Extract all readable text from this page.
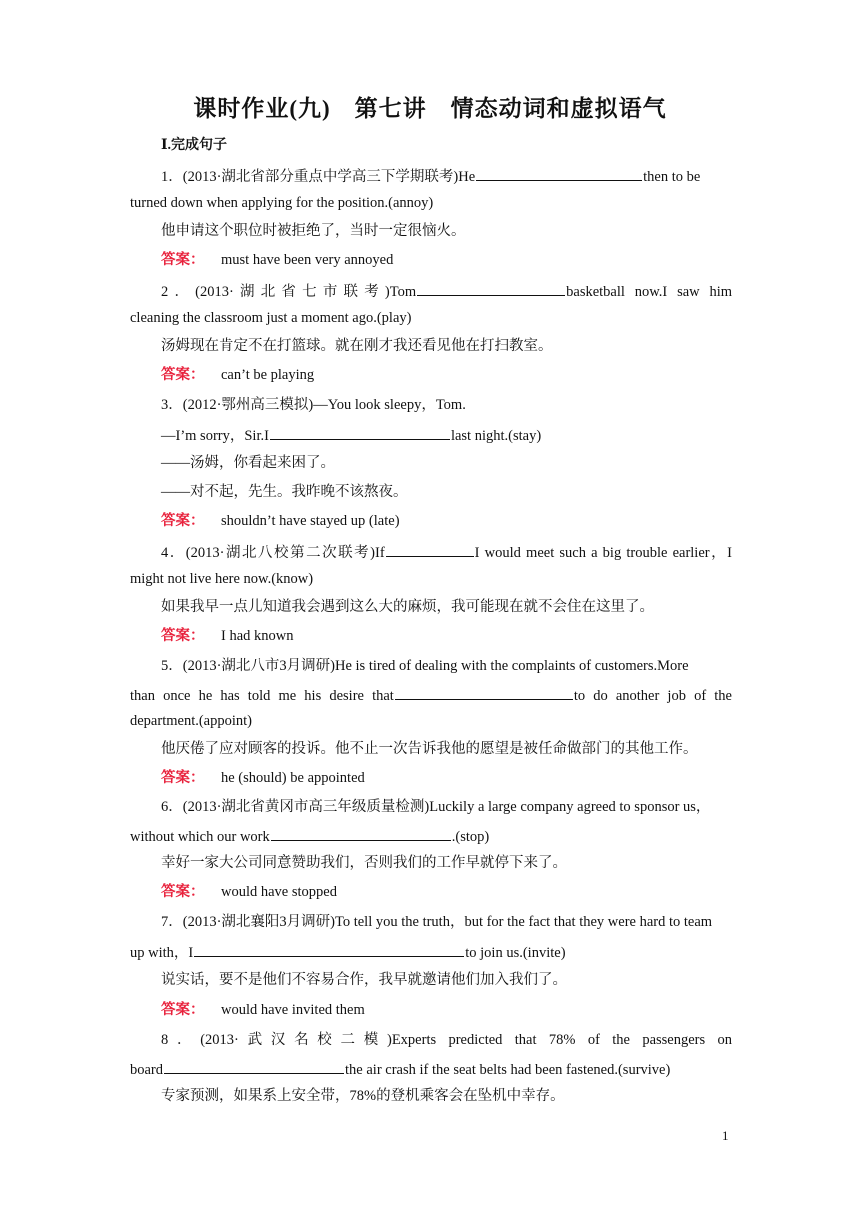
课时作业(九)　第七讲　情态动词和虚拟语气
Ⅰ.完成句子
1．(2013·湖北省部分重点中学高三下学期联考)He	then to be
turned down when applying for the position.(annoy)
他申请这个职位时被拒绝了，当时一定很恼火。
答案： must have been very annoyed
2．(2013·湖北省七市联考)Tom	basketball now.I saw him
cleaning the classroom just a moment ago.(play)
汤姆现在肯定不在打篮球。就在刚才我还看见他在打扫教室。
答案： can’t be playing
3．(2012·鄂州高三模拟)—You look sleepy，Tom.
—I’m sorry，Sir.I	last night.(stay)
——汤姆，你看起来困了。
——对不起，先生。我昨晚不该熬夜。
答案： shouldn’t have stayed up (late)
4．(2013·湖北八校第二次联考)If	I would meet such a big trouble earlier，I
might not live here now.(know)
如果我早一点儿知道我会遇到这么大的麻烦，我可能现在就不会住在这里了。
答案： I had known
5．(2013·湖北八市3月调研)He is tired of dealing with the complaints of customers.More
than once he has told me his desire that	to do another job of the
department.(appoint)
他厌倦了应对顾客的投诉。他不止一次告诉我他的愿望是被任命做部门的其他工作。
答案： he (should) be appointed
6．(2013·湖北省黄冈市高三年级质量检测)Luckily a large company agreed to sponsor us，
without which our work	.(stop)
幸好一家大公司同意赞助我们，否则我们的工作早就停下来了。
答案： would have stopped
7．(2013·湖北襄阳3月调研)To tell you the truth，but for the fact that they were hard to team
up with，I	to join us.(invite)
说实话，要不是他们不容易合作，我早就邀请他们加入我们了。
答案： would have invited them
8．(2013·武汉名校二模)Experts predicted that 78% of the passengers on
board	the air crash if the seat belts had been fastened.(survive)
专家预测，如果系上安全带，78%的登机乘客会在坠机中幸存。
1
